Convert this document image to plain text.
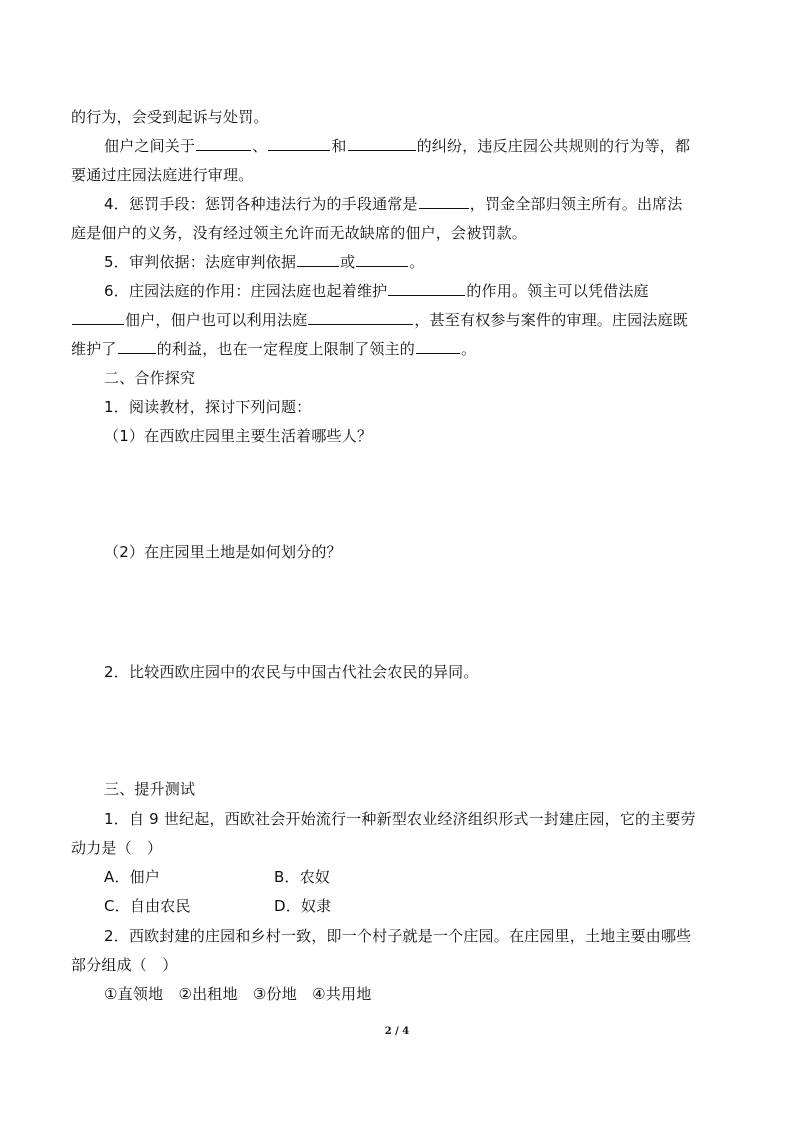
的行为，会受到起诉与处罚。
佃户之间关于	、	和	的纠纷，违反庄园公共规则的行为等，都
要通过庄园法庭进行审理。
4．惩罚手段：惩罚各种违法行为的手段通常是	，罚金全部归领主所有。出席法
庭是佃户的义务，没有经过领主允许而无故缺席的佃户，会被罚款。
5．审判依据：法庭审判依据	或	。
6．庄园法庭的作用：庄园法庭也起着维护	的作用。领主可以凭借法庭
佃户，佃户也可以利用法庭	，甚至有权参与案件的审理。庄园法庭既
维护了	的利益，也在一定程度上限制了领主的	。
二、合作探究
1．阅读教材，探讨下列问题：
（1）在西欧庄园里主要生活着哪些人？
（2）在庄园里土地是如何划分的？
2．比较西欧庄园中的农民与中国古代社会农民的异同。
三、提升测试
1．自 9 世纪起，西欧社会开始流行一种新型农业经济组织形式一封建庄园，它的主要劳
动力是（　）
A．佃户	B．农奴
C．自由农民	D．奴隶
2．西欧封建的庄园和乡村一致，即一个村子就是一个庄园。在庄园里，土地主要由哪些
部分组成（　）
①直领地　②出租地　③份地　④共用地
2 / 4
